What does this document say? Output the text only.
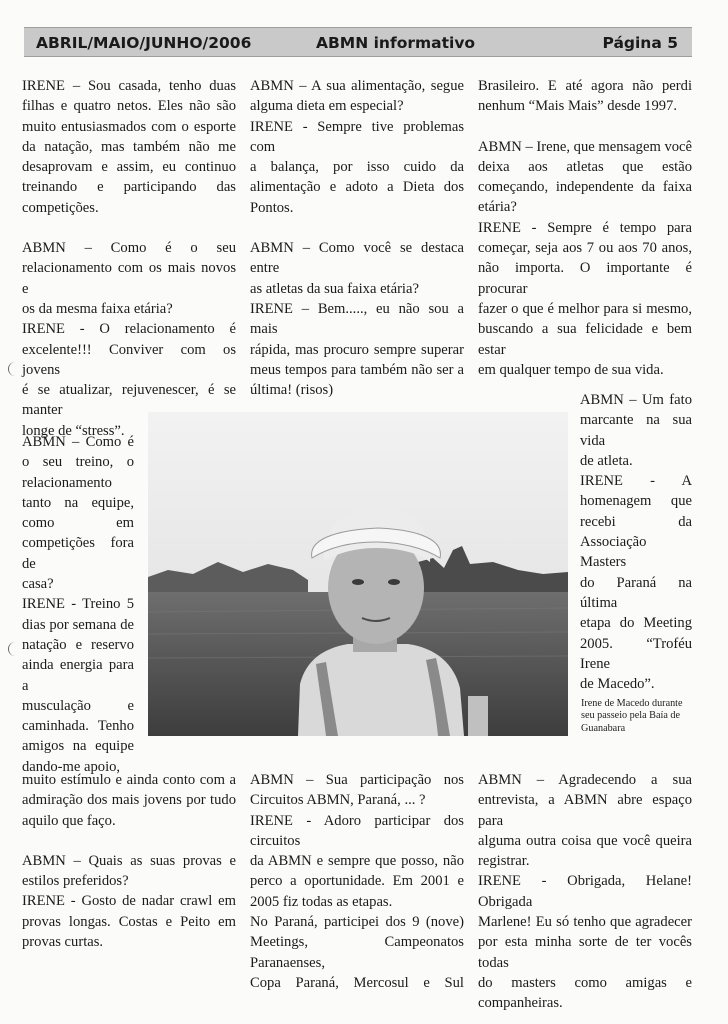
ABRIL/MAIO/JUNHO/2006	ABMN informativo	Página 5

IRENE – Sou casada, tenho duas

filhas e quatro netos. Eles não são

muito entusiasmados com o esporte

da natação, mas também não me

desaprovam e assim, eu continuo

treinando e participando das

competições.

ABMN – Como é o seu

relacionamento com os mais novos e

os da mesma faixa etária?

IRENE - O relacionamento é

excelente!!! Conviver com os jovens

é se atualizar, rejuvenescer, é se manter

longe de “stress”.

ABMN – Como é

o seu treino, o

relacionamento

tanto na equipe,

como em

competições fora de

casa?

IRENE - Treino 5

dias por semana de

natação e reservo

ainda energia para a

musculação e

caminhada. Tenho

amigos na equipe

dando-me apoio,

muito estímulo e ainda conto com a

admiração dos mais jovens por tudo

aquilo que faço.

ABMN – Quais as suas provas e

estilos preferidos?

IRENE - Gosto de nadar crawl em

provas longas. Costas e Peito em

provas curtas.

ABMN – A sua alimentação, segue

alguma dieta em especial?

IRENE - Sempre tive problemas com

a balança, por isso cuido da

alimentação e adoto a Dieta dos

Pontos.

ABMN – Como você se destaca entre

as atletas da sua faixa etária?

IRENE – Bem....., eu não sou a mais

rápida, mas procuro sempre superar

meus tempos para também não ser a

última! (risos)

ABMN – Sua participação nos

Circuitos ABMN, Paraná, ... ?

IRENE - Adoro participar dos circuitos

da ABMN e sempre que posso, não

perco a oportunidade. Em 2001 e

2005 fiz todas as etapas.

No Paraná, participei dos 9 (nove)

Meetings, Campeonatos Paranaenses,

Copa Paraná, Mercosul e Sul

Brasileiro. E até agora não perdi

nenhum “Mais Mais” desde 1997.

ABMN – Irene, que mensagem você

deixa aos atletas que estão

começando, independente da faixa

etária?

IRENE - Sempre é tempo para

começar, seja aos 7 ou aos 70 anos,

não importa. O importante é procurar

fazer o que é melhor para si mesmo,

buscando a sua felicidade e bem estar

em qualquer tempo de sua vida.

ABMN – Um fato

marcante na sua vida

de atleta.

IRENE - A

homenagem que

recebi da

Associação Masters

do Paraná na última

etapa do Meeting

2005. “Troféu Irene

de Macedo”.

ABMN – Agradecendo a sua

entrevista, a ABMN abre espaço para

alguma outra coisa que você queira

registrar.

IRENE - Obrigada, Helane! Obrigada

Marlene! Eu só tenho que agradecer

por esta minha sorte de ter vocês todas

do masters como amigas e

companheiras.

Irene de Macedo durante

seu passeio pela Baía de

Guanabara
